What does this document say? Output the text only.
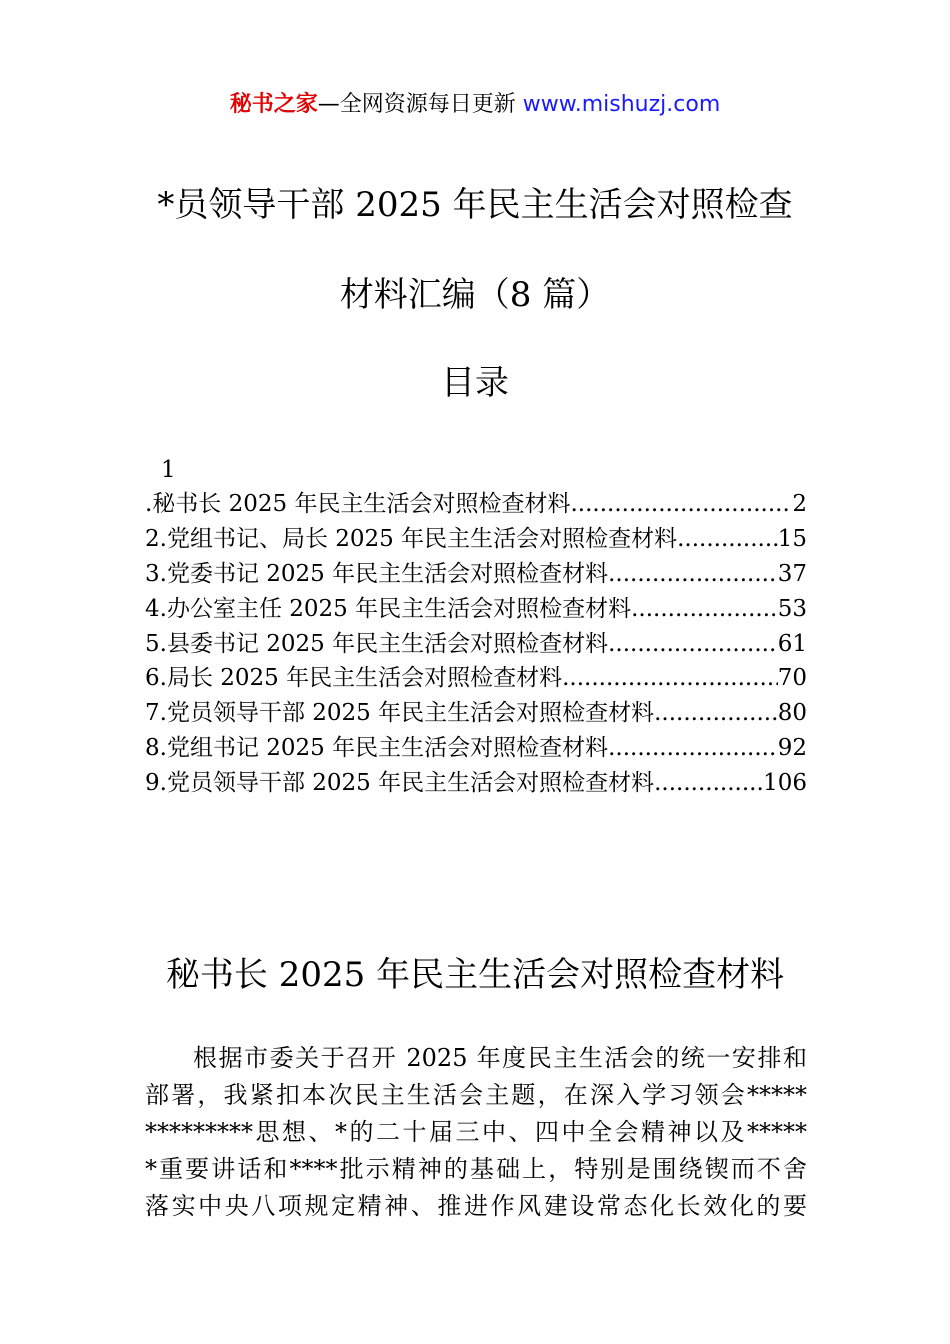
秘书之家—全网资源每日更新 www.mishuzj.com
*员领导干部 2025 年民主生活会对照检查
材料汇编（8 篇）
目录
1
.秘书长 2025 年民主生活会对照检查材料 .....	2
2.党组书记、局长 2025 年民主生活会对照检查材料 .....	15
3.党委书记 2025 年民主生活会对照检查材料 .....	37
4.办公室主任 2025 年民主生活会对照检查材料 .....	53
5.县委书记 2025 年民主生活会对照检查材料 .....	61
6.局长 2025 年民主生活会对照检查材料 .....	70
7.党员领导干部 2025 年民主生活会对照检查材料 .....	80
8.党组书记 2025 年民主生活会对照检查材料 .....	92
9.党员领导干部 2025 年民主生活会对照检查材料 .....	106
秘书长 2025 年民主生活会对照检查材料

根据市委关于召开 2025 年度民主生活会的统一安排和
部署，我紧扣本次民主生活会主题，在深入学习领会*****
*********思想、*的二十届三中、四中全会精神以及*****
*重要讲话和****批示精神的基础上，特别是围绕锲而不舍
落实中央八项规定精神、推进作风建设常态化长效化的要
